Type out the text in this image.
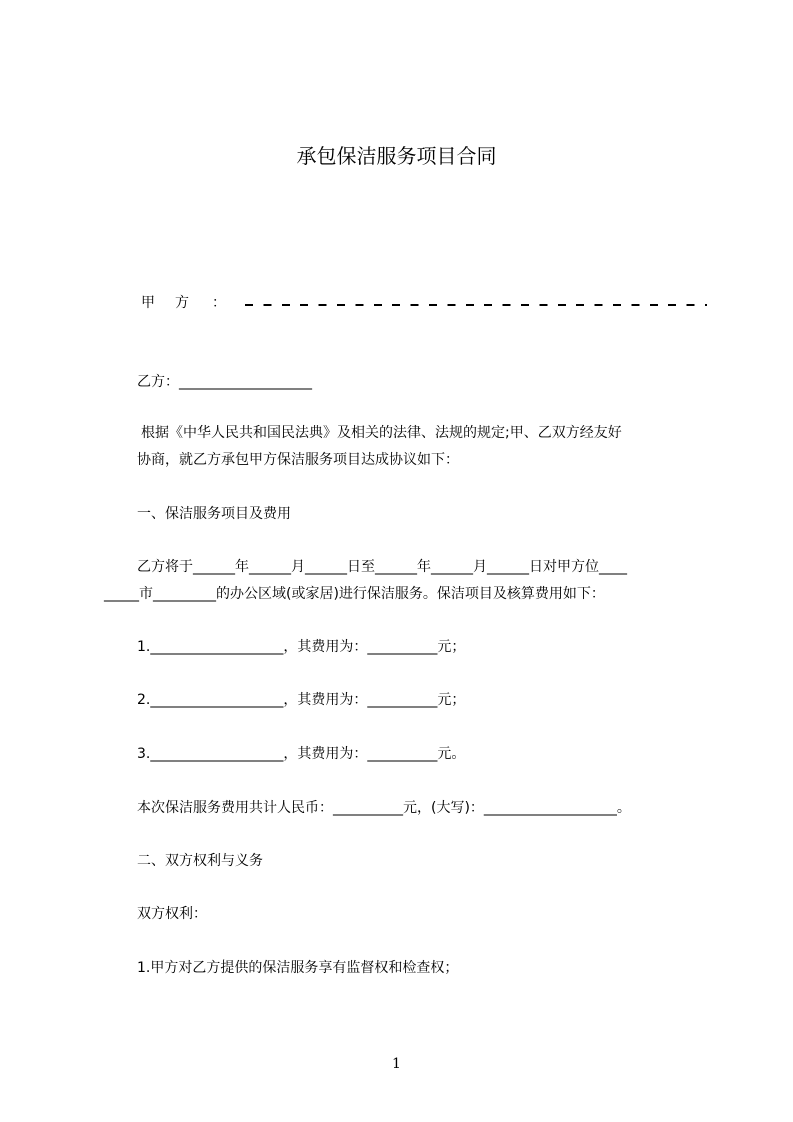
承包保洁服务项目合同
甲 方 ：
乙方：___________________
根据《中华人民共和国民法典》及相关的法律、法规的规定;甲、乙双方经友好
协商，就乙方承包甲方保洁服务项目达成协议如下：
一、保洁服务项目及费用
乙方将于______年______月______日至______年______月______日对甲方位____
_____市_________的办公区域(或家居)进行保洁服务。保洁项目及核算费用如下：
1.___________________，其费用为：__________元；
2.___________________，其费用为：__________元；
3.___________________，其费用为：__________元。
本次保洁服务费用共计人民币：__________元，(大写)：___________________。
二、双方权利与义务
双方权利：
1.甲方对乙方提供的保洁服务享有监督权和检查权；
1
